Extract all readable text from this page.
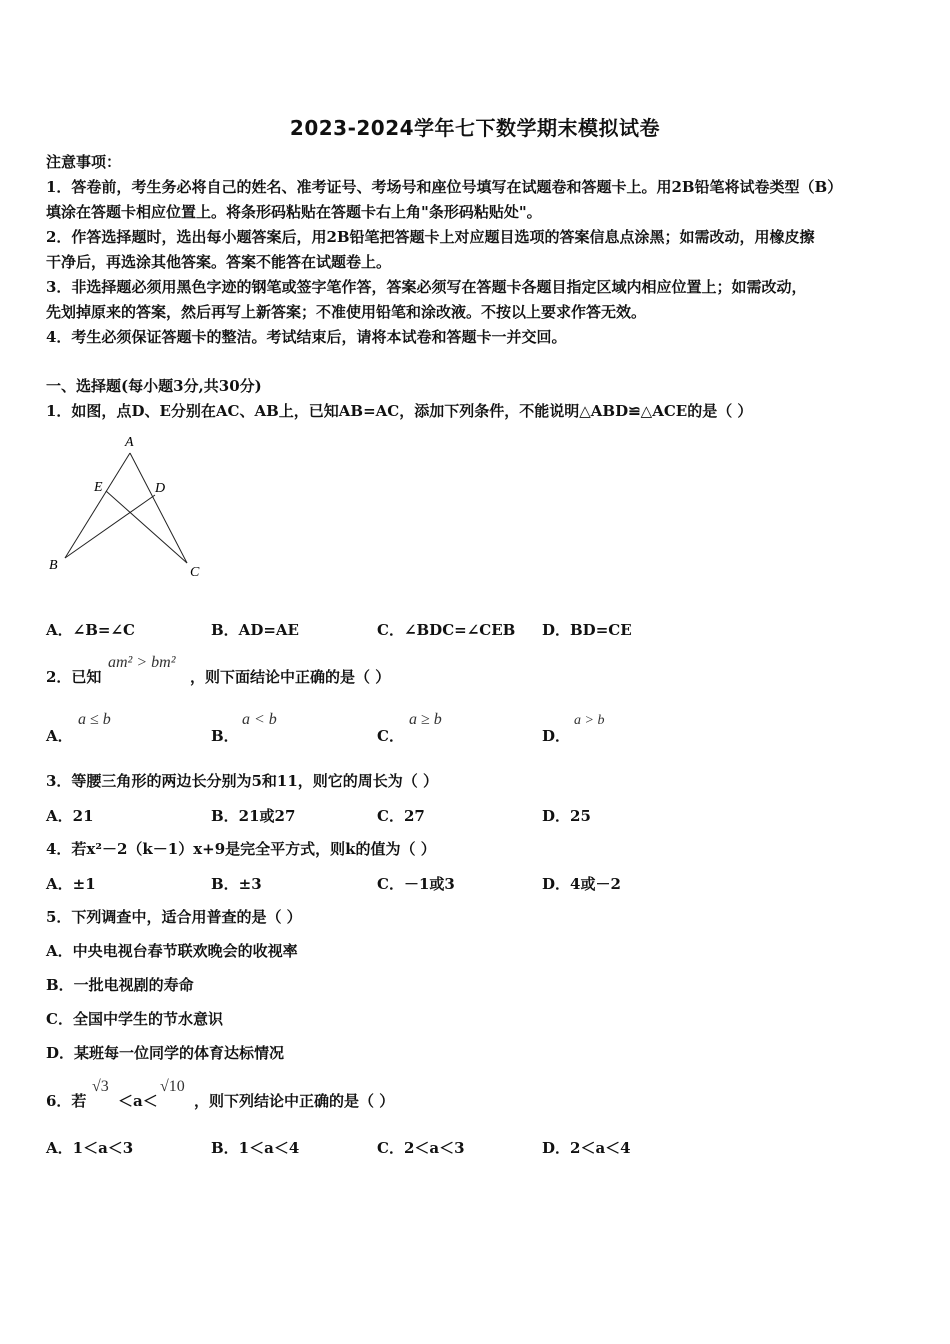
2023-2024学年七下数学期末模拟试卷
注意事项：
1．答卷前，考生务必将自己的姓名、准考证号、考场号和座位号填写在试题卷和答题卡上。用2B铅笔将试卷类型（B）
填涂在答题卡相应位置上。将条形码粘贴在答题卡右上角"条形码粘贴处"。
2．作答选择题时，选出每小题答案后，用2B铅笔把答题卡上对应题目选项的答案信息点涂黑；如需改动，用橡皮擦
干净后，再选涂其他答案。答案不能答在试题卷上。
3．非选择题必须用黑色字迹的钢笔或签字笔作答，答案必须写在答题卡各题目指定区域内相应位置上；如需改动，
先划掉原来的答案，然后再写上新答案；不准使用铅笔和涂改液。不按以上要求作答无效。
4．考生必须保证答题卡的整洁。考试结束后，请将本试卷和答题卡一并交回。
一、选择题(每小题3分,共30分)
1．如图，点D、E分别在AC、AB上，已知AB=AC，添加下列条件，不能说明△ABD≌△ACE的是（ ）
A
E	D
B	C
A．∠B=∠C	B．AD=AE	C．∠BDC=∠CEB D．BD=CE
2．已知
am² > bm²
，则下面结论中正确的是（ ）
A．
a ≤ b
B．
a < b
C．
a ≥ b
D．
a > b
3．等腰三角形的两边长分别为5和11，则它的周长为（ ）
A．21	B．21或27	C．27	D．25
4．若x²－2（k－1）x+9是完全平方式，则k的值为（ ）
A．±1	B．±3	C．－1或3	D．4或－2
5．下列调查中，适合用普查的是（ ）
A．中央电视台春节联欢晚会的收视率
B．一批电视剧的寿命
C．全国中学生的节水意识
D．某班每一位同学的体育达标情况
6．若
√3
＜a＜
√10
，则下列结论中正确的是（ ）
A．1＜a＜3	B．1＜a＜4	C．2＜a＜3	D．2＜a＜4
